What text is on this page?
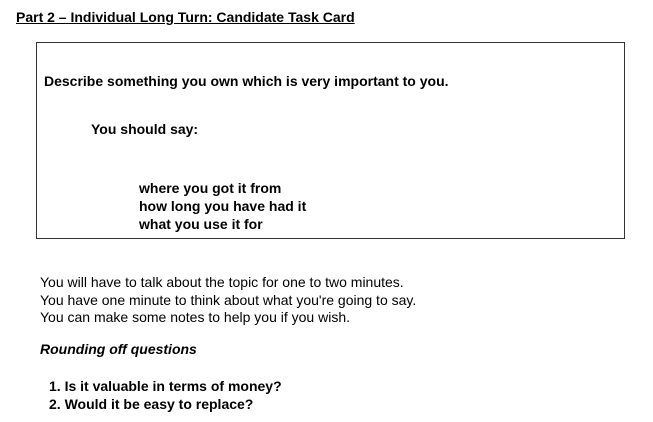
Part 2 – Individual Long Turn: Candidate Task Card
Describe something you own which is very important to you.
You should say:
where you got it from
how long you have had it
what you use it for
You will have to talk about the topic for one to two minutes.
You have one minute to think about what you're going to say.
You can make some notes to help you if you wish.
Rounding off questions
1. Is it valuable in terms of money?
2. Would it be easy to replace?
